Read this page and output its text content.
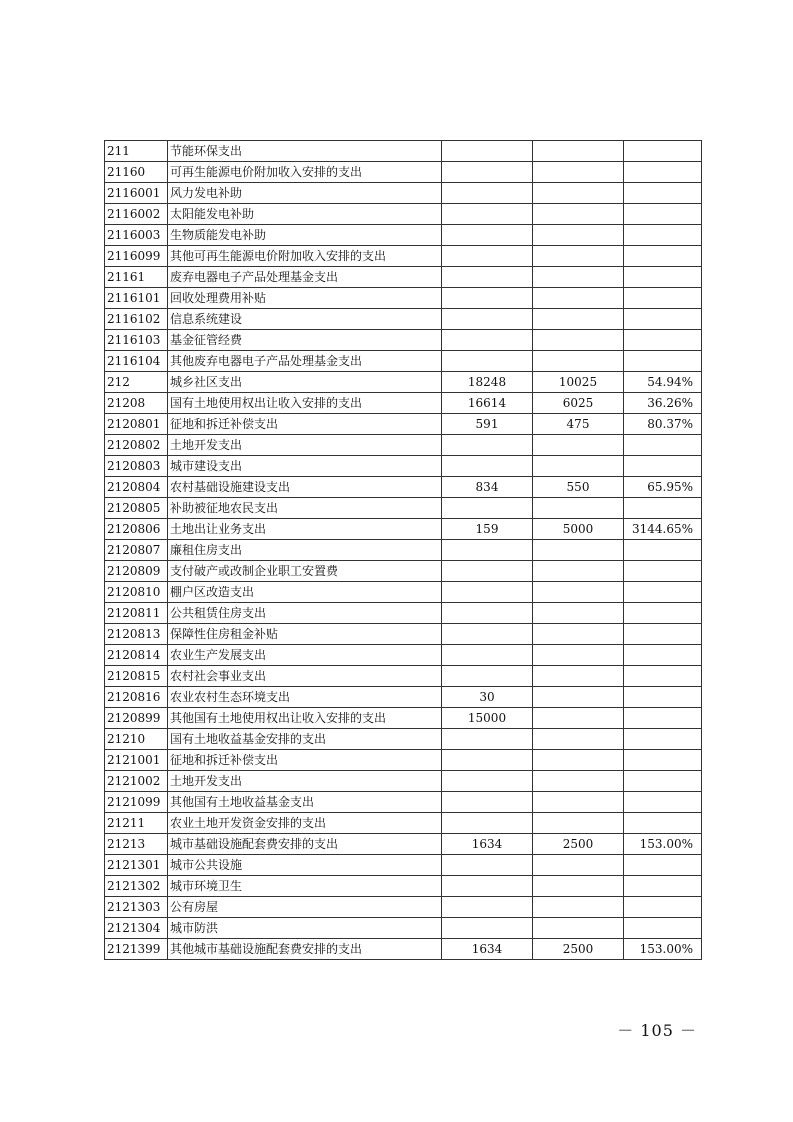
211	节能环保支出			
21160	可再生能源电价附加收入安排的支出			
2116001	风力发电补助			
2116002	太阳能发电补助			
2116003	生物质能发电补助			
2116099	其他可再生能源电价附加收入安排的支出			
21161	废弃电器电子产品处理基金支出			
2116101	回收处理费用补贴			
2116102	信息系统建设			
2116103	基金征管经费			
2116104	其他废弃电器电子产品处理基金支出			
212	城乡社区支出	18248	10025	54.94%
21208	国有土地使用权出让收入安排的支出	16614	6025	36.26%
2120801	征地和拆迁补偿支出	591	475	80.37%
2120802	土地开发支出			
2120803	城市建设支出			
2120804	农村基础设施建设支出	834	550	65.95%
2120805	补助被征地农民支出			
2120806	土地出让业务支出	159	5000	3144.65%
2120807	廉租住房支出			
2120809	支付破产或改制企业职工安置费			
2120810	棚户区改造支出			
2120811	公共租赁住房支出			
2120813	保障性住房租金补贴			
2120814	农业生产发展支出			
2120815	农村社会事业支出			
2120816	农业农村生态环境支出	30		
2120899	其他国有土地使用权出让收入安排的支出	15000		
21210	国有土地收益基金安排的支出			
2121001	征地和拆迁补偿支出			
2121002	土地开发支出			
2121099	其他国有土地收益基金支出			
21211	农业土地开发资金安排的支出			
21213	城市基础设施配套费安排的支出	1634	2500	153.00%
2121301	城市公共设施			
2121302	城市环境卫生			
2121303	公有房屋			
2121304	城市防洪			
2121399	其他城市基础设施配套费安排的支出	1634	2500	153.00%
－ 105 －
